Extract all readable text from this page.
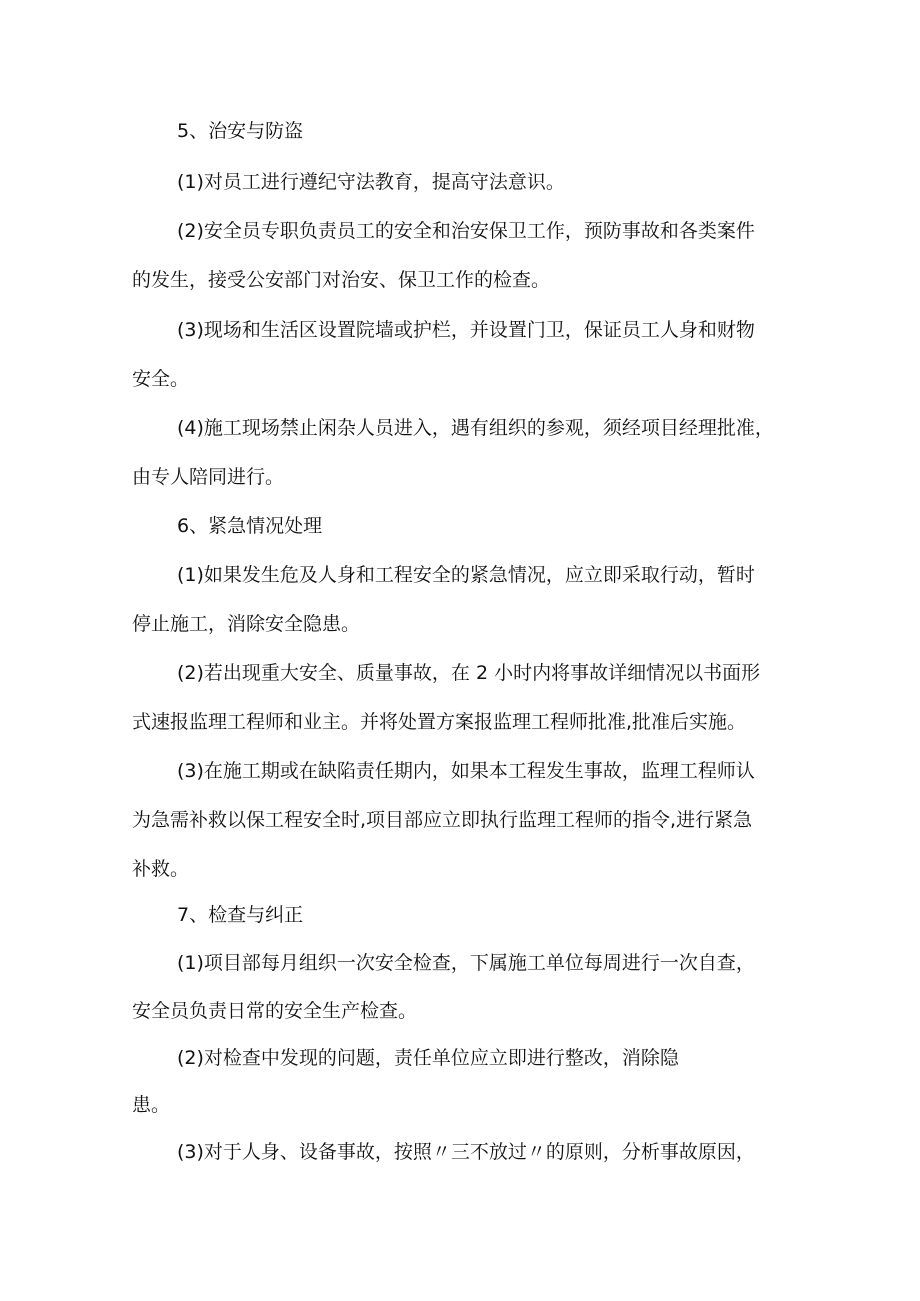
5、治安与防盗
(1)对员工进行遵纪守法教育，提高守法意识。
(2)安全员专职负责员工的安全和治安保卫工作，预防事故和各类案件
的发生，接受公安部门对治安、保卫工作的检查。
(3)现场和生活区设置院墙或护栏，并设置门卫，保证员工人身和财物
安全。
(4)施工现场禁止闲杂人员进入，遇有组织的参观，须经项目经理批准，
由专人陪同进行。
6、紧急情况处理
(1)如果发生危及人身和工程安全的紧急情况，应立即采取行动，暂时
停止施工，消除安全隐患。
(2)若出现重大安全、质量事故，在 2 小时内将事故详细情况以书面形
式速报监理工程师和业主。并将处置方案报监理工程师批准,批准后实施。
(3)在施工期或在缺陷责任期内，如果本工程发生事故，监理工程师认
为急需补救以保工程安全时,项目部应立即执行监理工程师的指令,进行紧急
补救。
7、检查与纠正
(1)项目部每月组织一次安全检查，下属施工单位每周进行一次自查，
安全员负责日常的安全生产检查。
(2)对检查中发现的问题，责任单位应立即进行整改，消除隐
患。
(3)对于人身、设备事故，按照〃三不放过〃的原则，分析事故原因，
